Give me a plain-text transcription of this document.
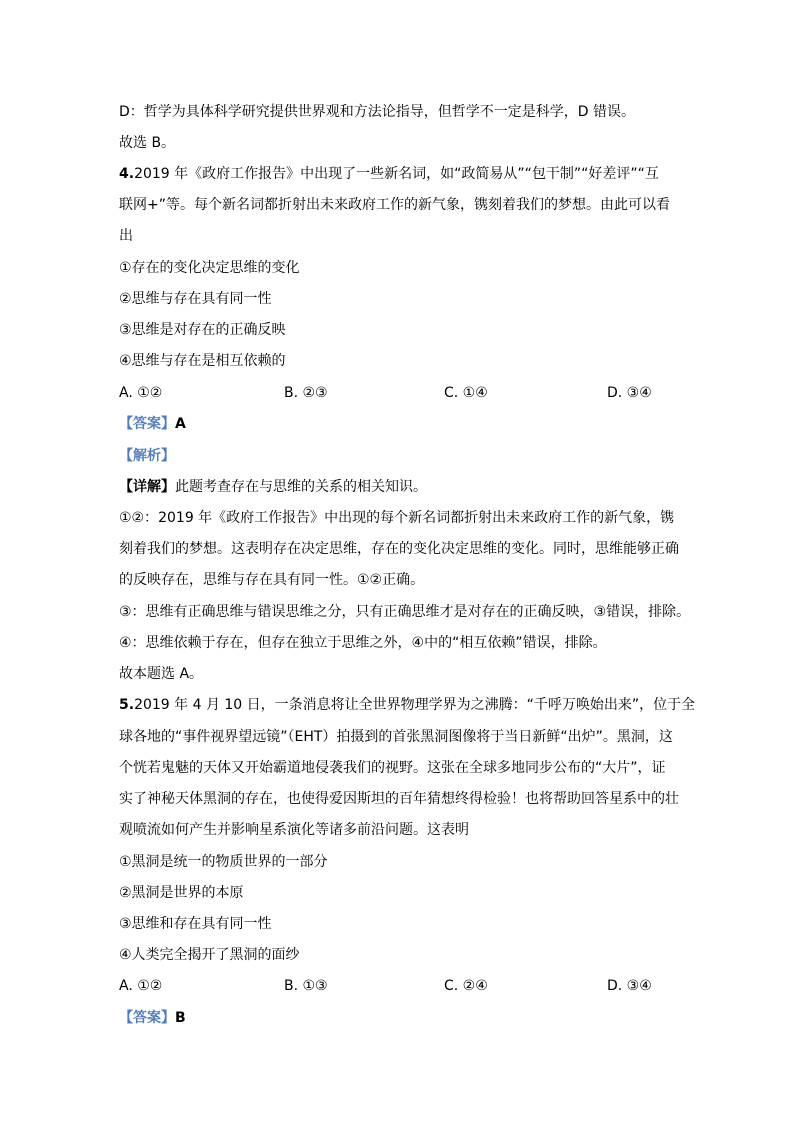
D：哲学为具体科学研究提供世界观和方法论指导，但哲学不一定是科学，D 错误。
故选 B。
4.2019 年《政府工作报告》中出现了一些新名词，如“政简易从”“包干制”“好差评”“互
联网+”等。每个新名词都折射出未来政府工作的新气象，镌刻着我们的梦想。由此可以看
出
①存在的变化决定思维的变化
②思维与存在具有同一性
③思维是对存在的正确反映
④思维与存在是相互依赖的
A. ①②	B. ②③	C. ①④	D. ③④
【答案】A
【解析】
【详解】此题考查存在与思维的关系的相关知识。
①②：2019 年《政府工作报告》中出现的每个新名词都折射出未来政府工作的新气象，镌
刻着我们的梦想。这表明存在决定思维，存在的变化决定思维的变化。同时，思维能够正确
的反映存在，思维与存在具有同一性。①②正确。
③：思维有正确思维与错误思维之分，只有正确思维才是对存在的正确反映，③错误，排除。
④：思维依赖于存在，但存在独立于思维之外，④中的“相互依赖”错误，排除。
故本题选 A。
5.2019 年 4 月 10 日，一条消息将让全世界物理学界为之沸腾：“千呼万唤始出来”，位于全
球各地的“事件视界望远镜”（EHT）拍摄到的首张黑洞图像将于当日新鲜“出炉”。黑洞，这
个恍若鬼魅的天体又开始霸道地侵袭我们的视野。这张在全球多地同步公布的“大片”，证
实了神秘天体黑洞的存在，也使得爱因斯坦的百年猜想终得检验！也将帮助回答星系中的壮
观喷流如何产生并影响星系演化等诸多前沿问题。这表明
①黑洞是统一的物质世界的一部分
②黑洞是世界的本原
③思维和存在具有同一性
④人类完全揭开了黑洞的面纱
A. ①②	B. ①③	C. ②④	D. ③④
【答案】B
